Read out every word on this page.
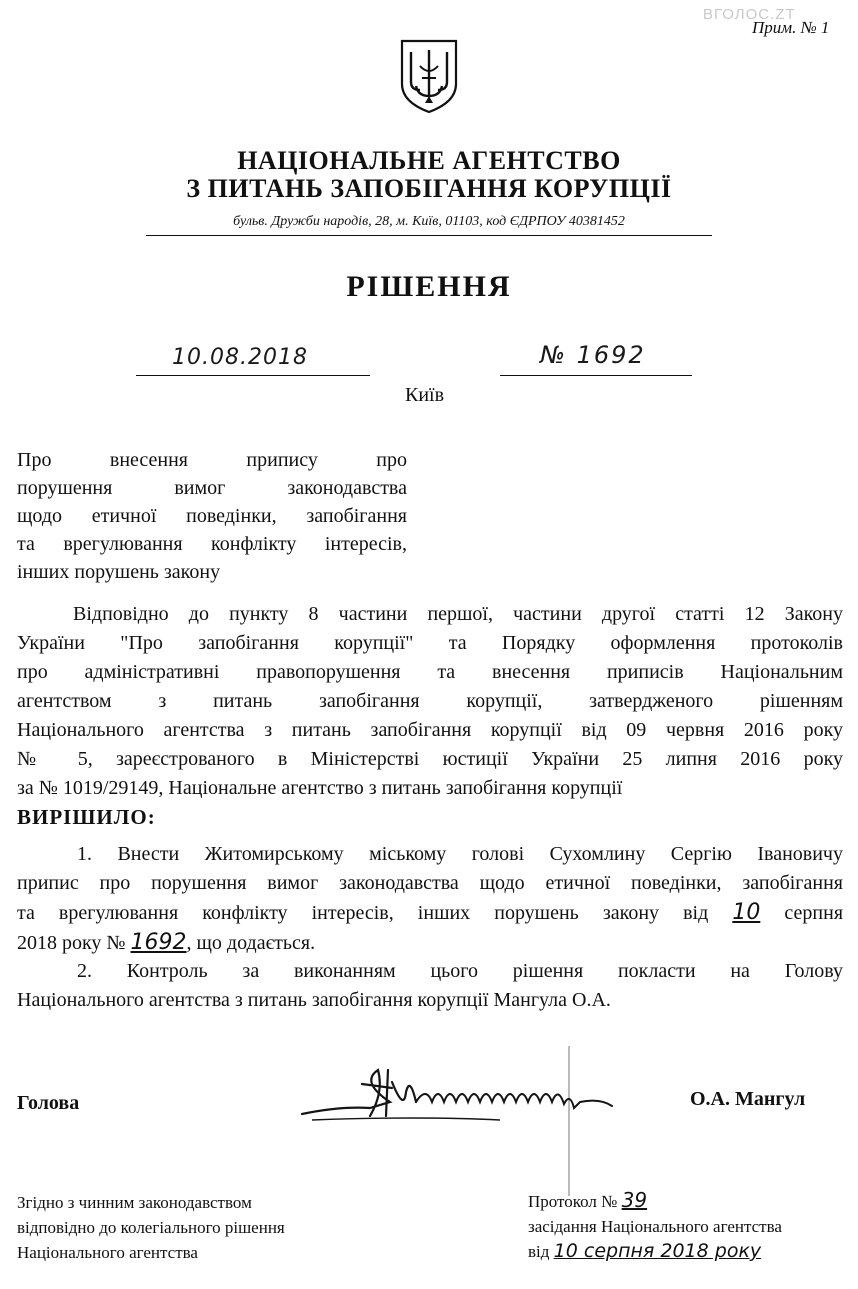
ВГОЛОС.ZT
Прим. № 1
НАЦІОНАЛЬНЕ АГЕНТСТВО
З ПИТАНЬ ЗАПОБІГАННЯ КОРУПЦІЇ
бульв. Дружби народів, 28, м. Київ, 01103, код ЄДРПОУ 40381452
РІШЕННЯ
10.08.2018	№ 1692
Київ
Про внесення припису про
порушення вимог законодавства
щодо етичної поведінки, запобігання
та врегулювання конфлікту інтересів,
інших порушень закону
Відповідно до пункту 8 частини першої, частини другої статті 12 Закону
України "Про запобігання корупції" та Порядку оформлення протоколів
про адміністративні правопорушення та внесення приписів Національним
агентством з питань запобігання корупції, затвердженого рішенням
Національного агентства з питань запобігання корупції від 09 червня 2016 року
№ 5, зареєстрованого в Міністерстві юстиції України 25 липня 2016 року
за № 1019/29149, Національне агентство з питань запобігання корупції
ВИРІШИЛО:
1. Внести Житомирському міському голові Сухомлину Сергію Івановичу
припис про порушення вимог законодавства щодо етичної поведінки, запобігання
та врегулювання конфлікту інтересів, інших порушень закону від 10 серпня
2018 року № 1692, що додається.
2. Контроль за виконанням цього рішення покласти на Голову
Національного агентства з питань запобігання корупції Мангула О.А.
Голова	О.А. Мангул
Згідно з чинним законодавством
відповідно до колегіального рішення
Національного агентства
Протокол № 39
засідання Національного агентства
від 10 серпня 2018 року
